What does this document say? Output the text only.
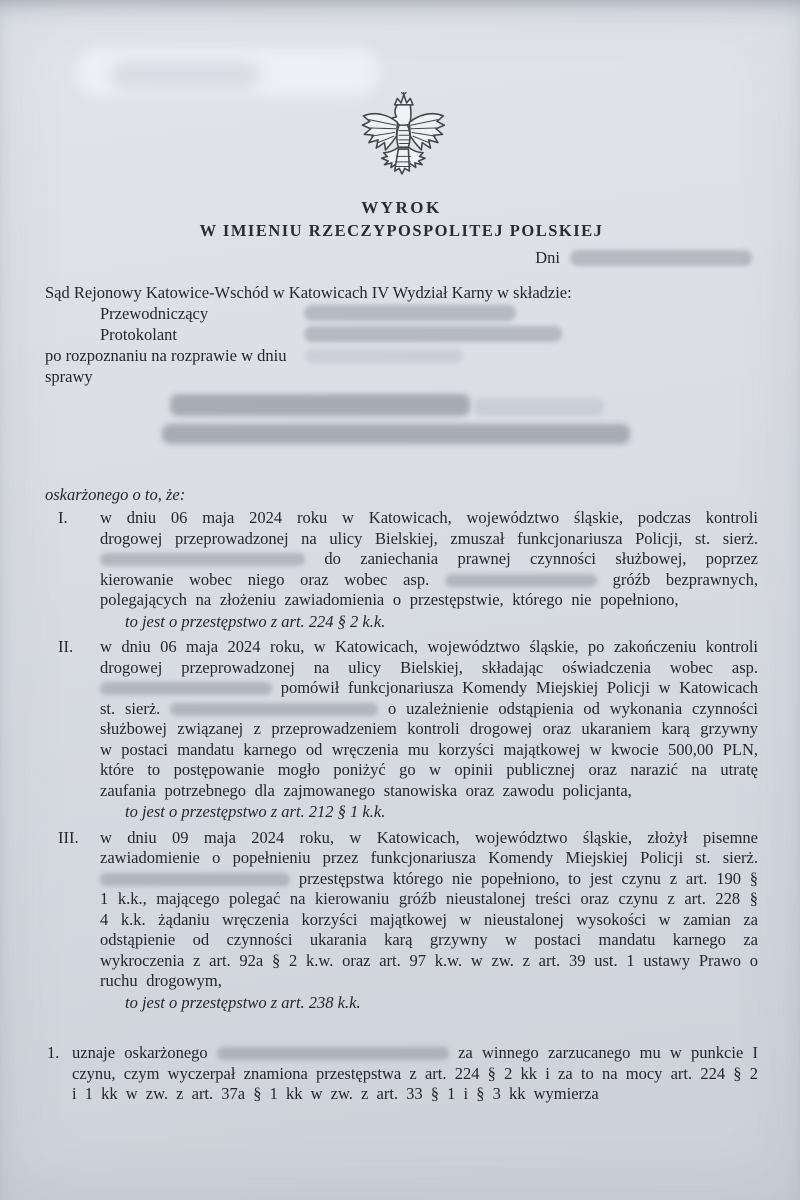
WYROK
W IMIENIU RZECZYPOSPOLITEJ POLSKIEJ
Dni
Sąd Rejonowy Katowice-Wschód w Katowicach IV Wydział Karny w składzie:
Przewodniczący
Protokolant
po rozpoznaniu na rozprawie w dniu
sprawy
oskarżonego o to, że:
I. w dniu 06 maja 2024 roku w Katowicach, województwo śląskie, podczas kontroli drogowej przeprowadzonej na ulicy Bielskiej, zmuszał funkcjonariusza Policji, st. sierż.  do zaniechania prawnej czynności służbowej, poprzez kierowanie wobec niego oraz wobec asp.	gróźb bezprawnych, polegających na złożeniu zawiadomienia o przestępstwie, którego nie popełniono,
to jest o przestępstwo z art. 224 § 2 k.k.
II. w dniu 06 maja 2024 roku, w Katowicach, województwo śląskie, po zakończeniu kontroli drogowej przeprowadzonej na ulicy Bielskiej, składając oświadczenia wobec asp.  pomówił funkcjonariusza Komendy Miejskiej Policji w Katowicach st. sierż.	o uzależnienie odstąpienia od wykonania czynności służbowej związanej z przeprowadzeniem kontroli drogowej oraz ukaraniem karą grzywny w postaci mandatu karnego od wręczenia mu korzyści majątkowej w kwocie 500,00 PLN, które to postępowanie mogło poniżyć go w opinii publicznej oraz narazić na utratę zaufania potrzebnego dla zajmowanego stanowiska oraz zawodu policjanta,
to jest o przestępstwo z art. 212 § 1 k.k.
III. w dniu 09 maja 2024 roku, w Katowicach, województwo śląskie, złożył pisemne zawiadomienie o popełnieniu przez funkcjonariusza Komendy Miejskiej Policji st. sierż.  przestępstwa którego nie popełniono, to jest czynu z art. 190 § 1 k.k., mającego polegać na kierowaniu gróźb nieustalonej treści oraz czynu z art. 228 § 4 k.k. żądaniu wręczenia korzyści majątkowej w nieustalonej wysokości w zamian za odstąpienie od czynności ukarania karą grzywny w postaci mandatu karnego za wykroczenia z art. 92a § 2 k.w. oraz art. 97 k.w. w zw. z art. 39 ust. 1 ustawy Prawo o ruchu drogowym,
to jest o przestępstwo z art. 238 k.k.
1. uznaje oskarżonego	za winnego zarzucanego mu w punkcie I czynu, czym wyczerpał znamiona przestępstwa z art. 224 § 2 kk i za to na mocy art. 224 § 2 i 1 kk w zw. z art. 37a § 1 kk w zw. z art. 33 § 1 i § 3 kk wymierza
